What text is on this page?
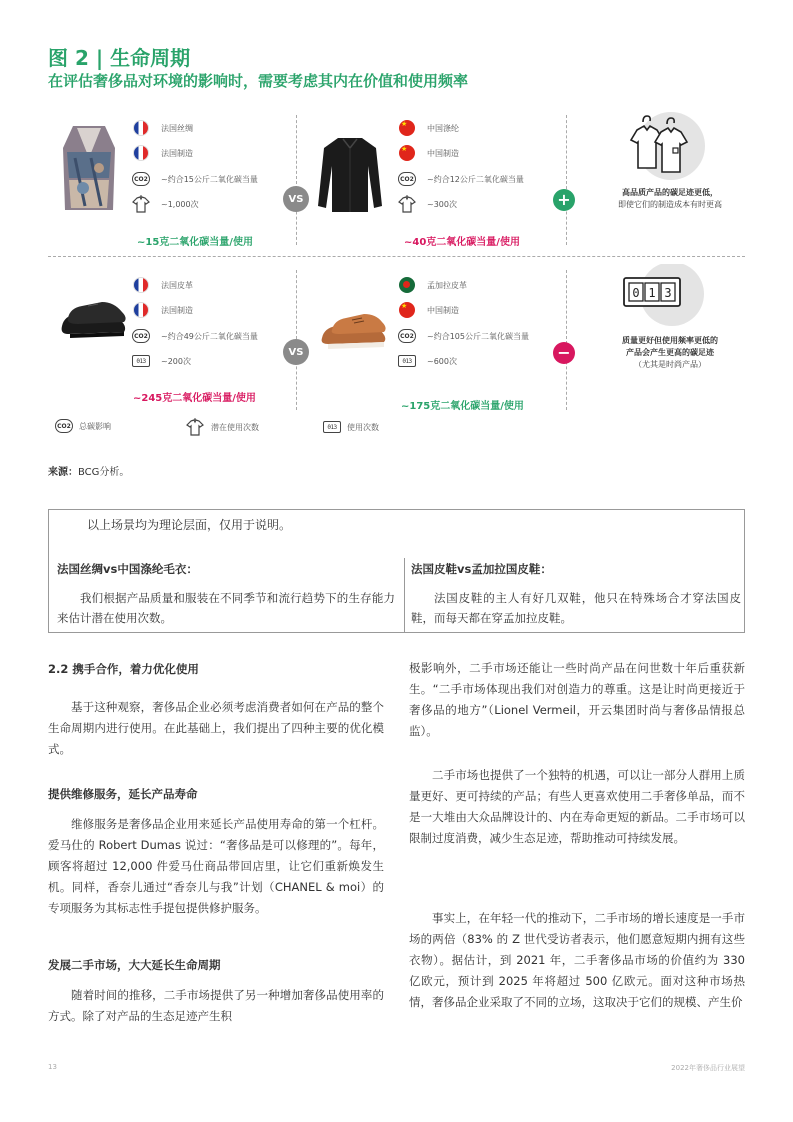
图 2 | 生命周期
在评估奢侈品对环境的影响时，需要考虑其内在价值和使用频率
法国丝绸
法国制造
CO2 ~约合15公斤二氧化碳当量
~1,000次
~15克二氧化碳当量/使用
VS
★ 中国涤纶
★ 中国制造
CO2 ~约合12公斤二氧化碳当量
~300次
~40克二氧化碳当量/使用
+	高品质产品的碳足迹更低，
即使它们的制造成本有时更高
法国皮革
法国制造
CO2 ~约合49公斤二氧化碳当量
013	~200次
~245克二氧化碳当量/使用
VS
孟加拉皮革
★ 中国制造
CO2 ~约合105公斤二氧化碳当量
013	~600次
~175克二氧化碳当量/使用
−
0 1 3
质量更好但使用频率更低的
产品会产生更高的碳足迹
（尤其是时尚产品）
CO2 总碳影响	潜在使用次数	013	使用次数
来源：BCG分析。
以上场景均为理论层面，仅用于说明。
法国丝绸vs中国涤纶毛衣：
我们根据产品质量和服装在不同季节和流行趋势下的生存能力来估计潜在使用次数。
法国皮鞋vs孟加拉国皮鞋：
法国皮鞋的主人有好几双鞋，他只在特殊场合才穿法国皮鞋，而每天都在穿孟加拉皮鞋。
2.2 携手合作，着力优化使用
基于这种观察，奢侈品企业必须考虑消费者如何在产品的整个生命周期内进行使用。在此基础上，我们提出了四种主要的优化模式。
提供维修服务，延长产品寿命
维修服务是奢侈品企业用来延长产品使用寿命的第一个杠杆。爱马仕的 Robert Dumas 说过：“奢侈品是可以修理的”。每年，顾客将超过 12,000 件爱马仕商品带回店里，让它们重新焕发生机。同样，香奈儿通过“香奈儿与我”计划（CHANEL & moi）的专项服务为其标志性手提包提供修护服务。
发展二手市场，大大延长生命周期
随着时间的推移，二手市场提供了另一种增加奢侈品使用率的方式。除了对产品的生态足迹产生积
极影响外，二手市场还能让一些时尚产品在问世数十年后重获新生。“二手市场体现出我们对创造力的尊重。这是让时尚更接近于奢侈品的地方”（Lionel Vermeil，开云集团时尚与奢侈品情报总监）。
二手市场也提供了一个独特的机遇，可以让一部分人群用上质量更好、更可持续的产品；有些人更喜欢使用二手奢侈单品，而不是一大堆由大众品牌设计的、内在寿命更短的新品。二手市场可以限制过度消费，减少生态足迹，帮助推动可持续发展。
事实上，在年轻一代的推动下，二手市场的增长速度是一手市场的两倍（83% 的 Z 世代受访者表示，他们愿意短期内拥有这些衣物）。据估计，到 2021 年，二手奢侈品市场的价值约为 330 亿欧元，预计到 2025 年将超过 500 亿欧元。面对这种市场热情，奢侈品企业采取了不同的立场，这取决于它们的规模、产生价
13	2022年奢侈品行业展望
